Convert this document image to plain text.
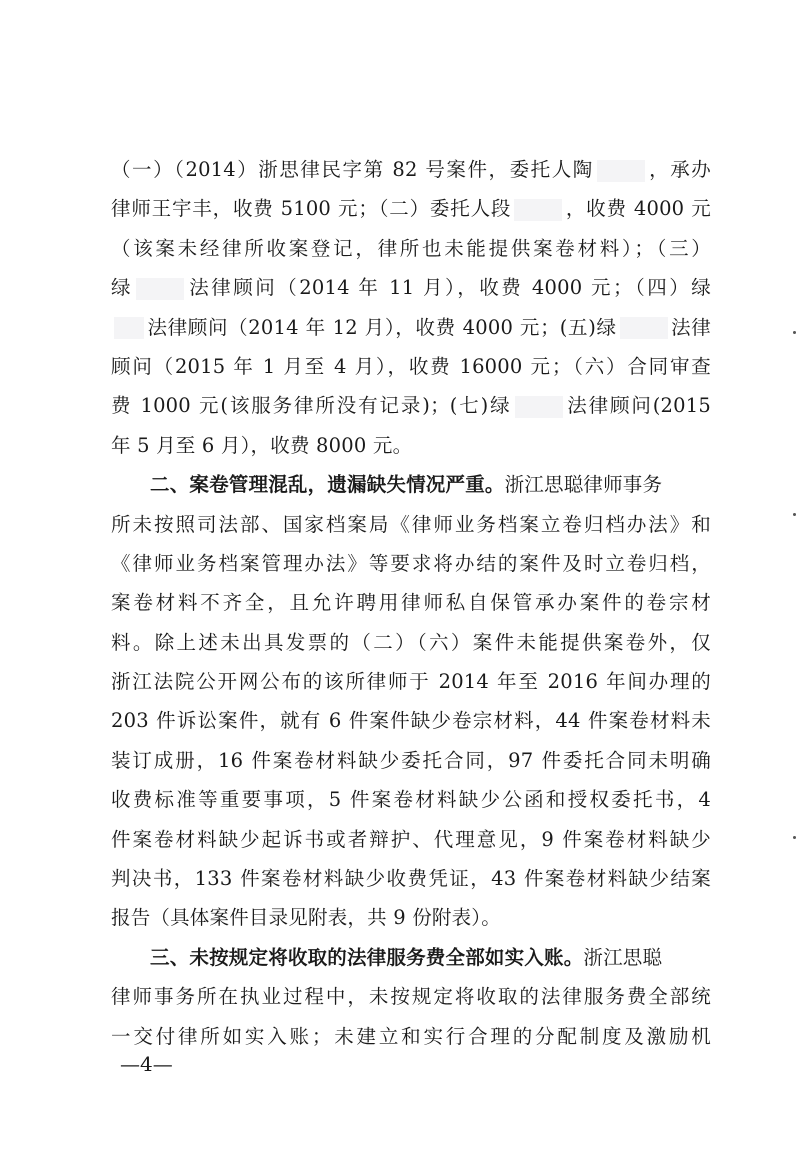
（一）（2014）浙思律民字第 82 号案件，委托人陶	，承办
律师王宇丰，收费 5100 元；（二）委托人段	，收费 4000 元
（该案未经律所收案登记，律所也未能提供案卷材料）；（三）
绿	法律顾问（2014 年 11 月），收费 4000 元；（四）绿
法律顾问（2014 年 12 月），收费 4000 元；(五)绿	法律
顾问（2015 年 1 月至 4 月），收费 16000 元；（六）合同审查
费 1000 元(该服务律所没有记录)；(七)绿	法律顾问(2015
年 5 月至 6 月），收费 8000 元。
二、案卷管理混乱，遗漏缺失情况严重。浙江思聪律师事务
所未按照司法部、国家档案局《律师业务档案立卷归档办法》和
《律师业务档案管理办法》等要求将办结的案件及时立卷归档，
案卷材料不齐全，且允许聘用律师私自保管承办案件的卷宗材
料。除上述未出具发票的（二）（六）案件未能提供案卷外，仅
浙江法院公开网公布的该所律师于 2014 年至 2016 年间办理的
203 件诉讼案件，就有 6 件案件缺少卷宗材料，44 件案卷材料未
装订成册，16 件案卷材料缺少委托合同，97 件委托合同未明确
收费标准等重要事项，5 件案卷材料缺少公函和授权委托书，4
件案卷材料缺少起诉书或者辩护、代理意见，9 件案卷材料缺少
判决书，133 件案卷材料缺少收费凭证，43 件案卷材料缺少结案
报告（具体案件目录见附表，共 9 份附表）。
三、未按规定将收取的法律服务费全部如实入账。浙江思聪
律师事务所在执业过程中，未按规定将收取的法律服务费全部统
一交付律所如实入账；未建立和实行合理的分配制度及激励机
—4—
